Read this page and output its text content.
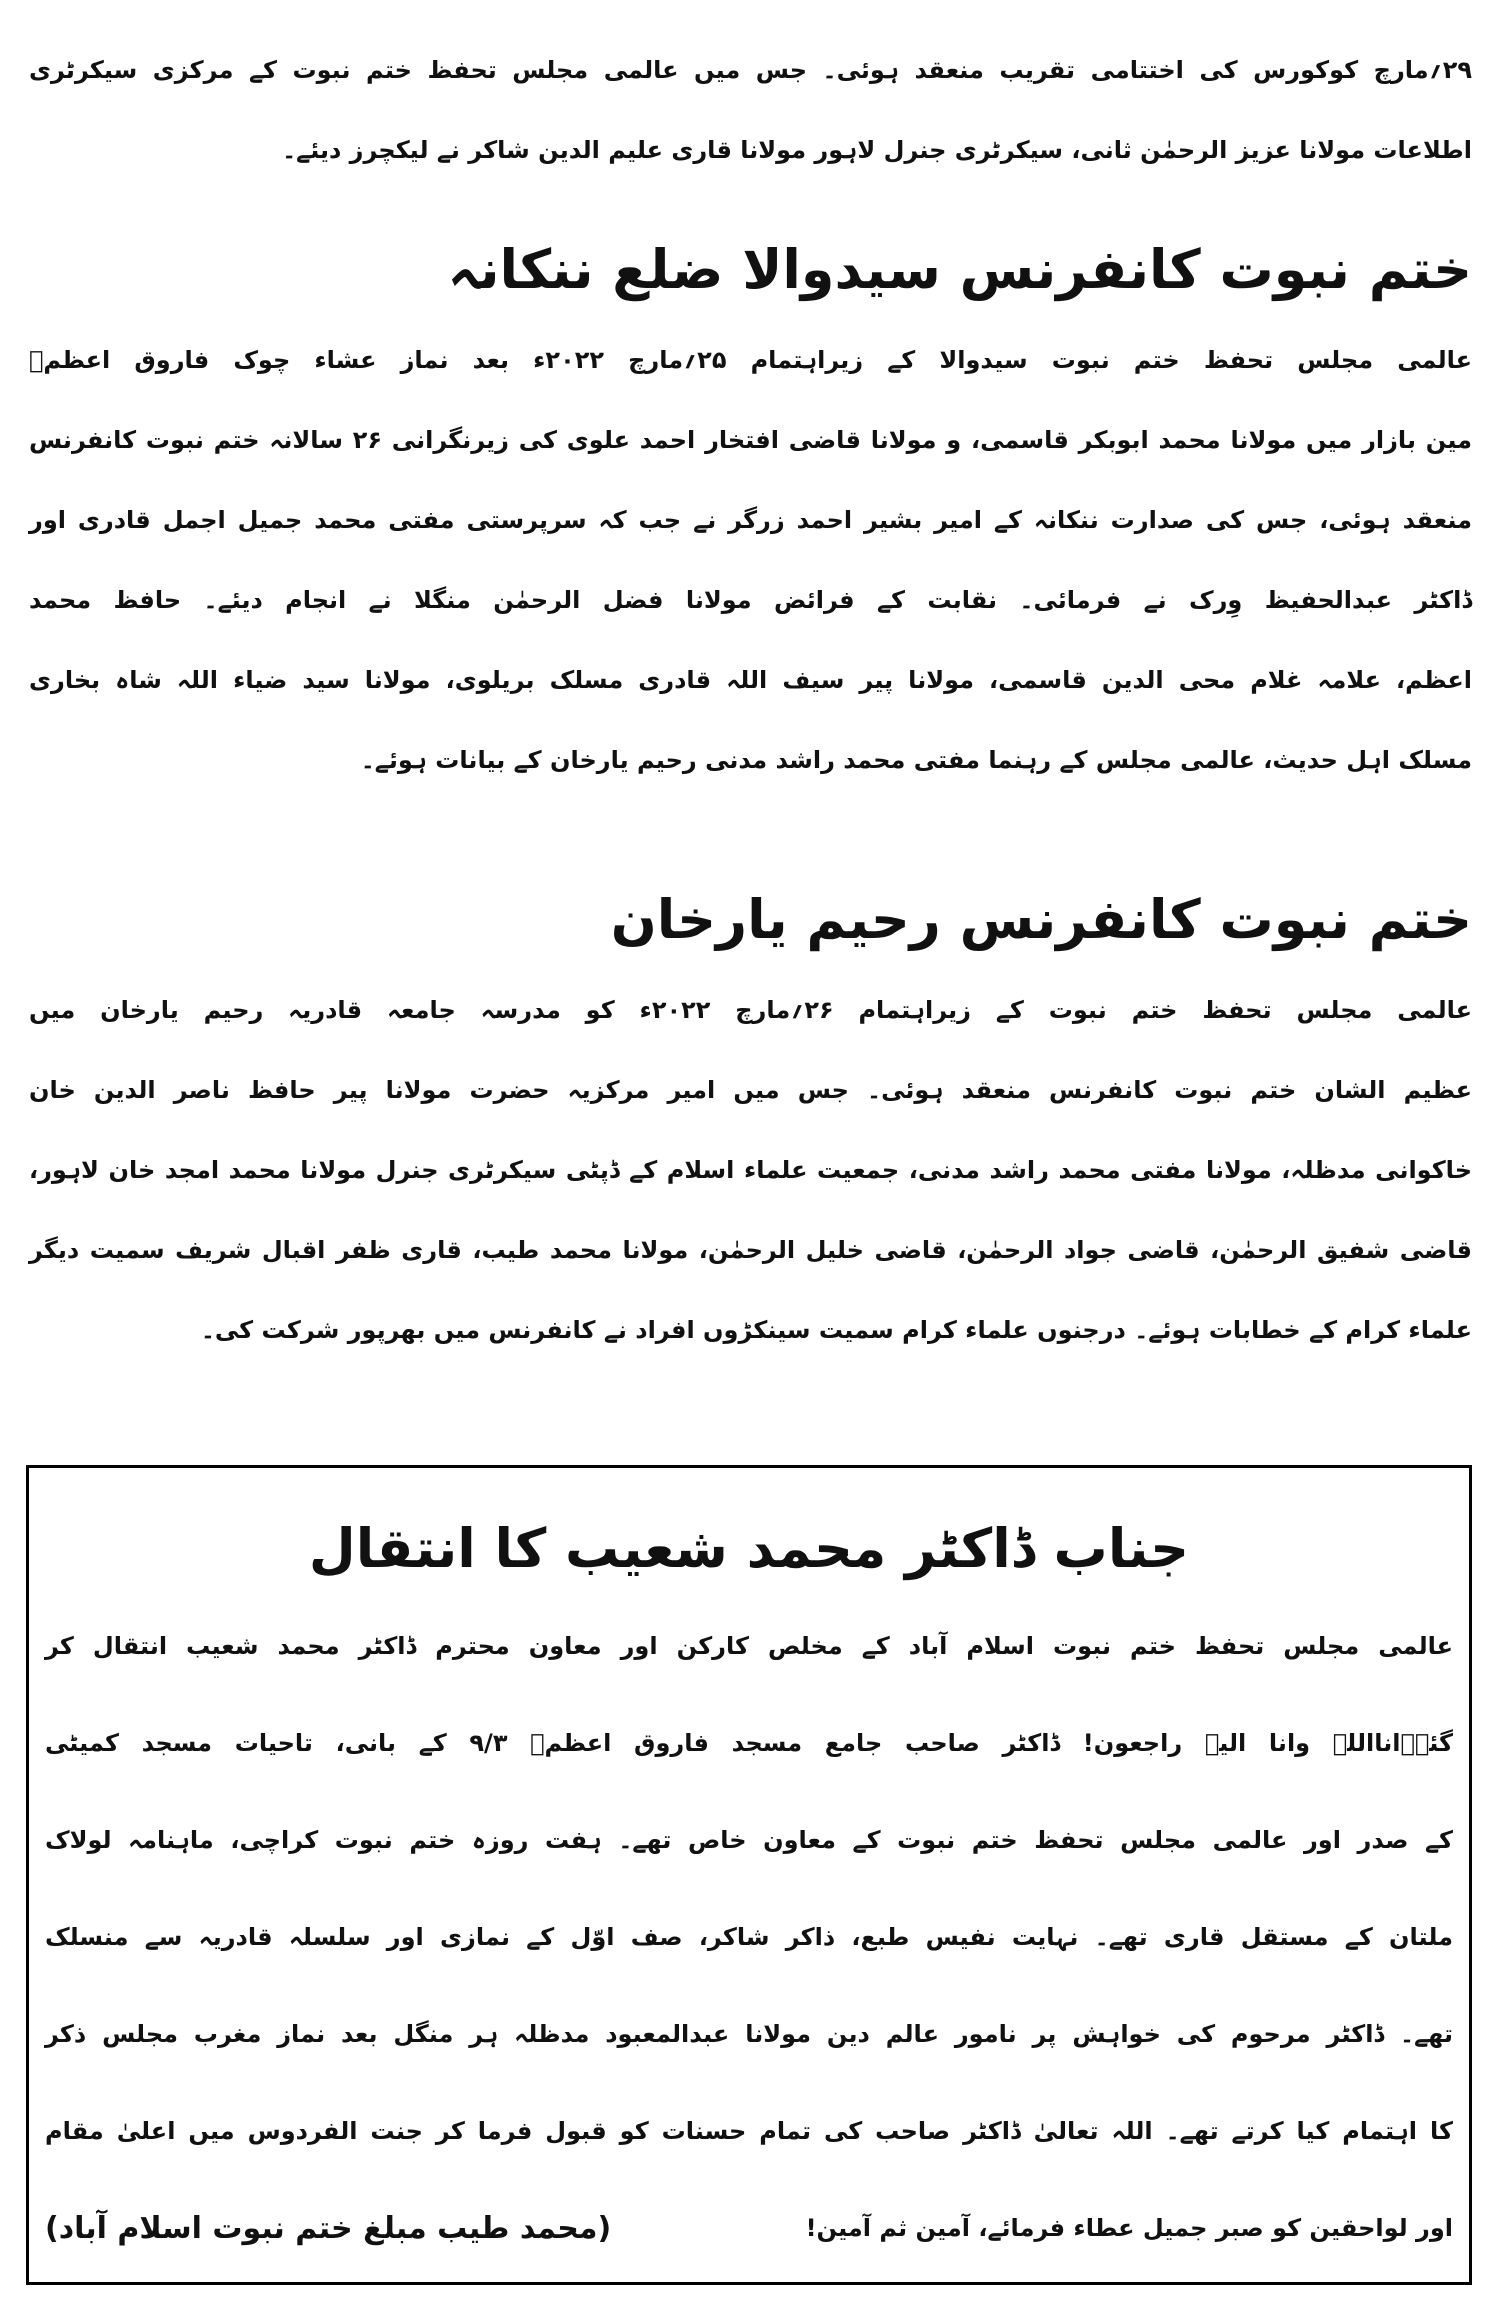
۲۹؍مارچ کوکورس کی اختتامی تقریب منعقد ہوئی۔ جس میں عالمی مجلس تحفظ ختم نبوت کے مرکزی سیکرٹری
اطلاعات مولانا عزیز الرحمٰن ثانی، سیکرٹری جنرل لاہور مولانا قاری علیم الدین شاکر نے لیکچرز دیئے۔
ختم نبوت کانفرنس سیدوالا ضلع ننکانہ
عالمی مجلس تحفظ ختم نبوت سیدوالا کے زیراہتمام ۲۵؍مارچ ۲۰۲۲ء بعد نماز عشاء چوک فاروق اعظمؓ
مین بازار میں مولانا محمد ابوبکر قاسمی، و مولانا قاضی افتخار احمد علوی کی زیرنگرانی ۲۶ سالانہ ختم نبوت کانفرنس
منعقد ہوئی، جس کی صدارت ننکانہ کے امیر بشیر احمد زرگر نے جب کہ سرپرستی مفتی محمد جمیل اجمل قادری اور
ڈاکٹر عبدالحفیظ وِرک نے فرمائی۔ نقابت کے فرائض مولانا فضل الرحمٰن منگلا نے انجام دیئے۔ حافظ محمد
اعظم، علامہ غلام محی الدین قاسمی، مولانا پیر سیف اللہ قادری مسلک بریلوی، مولانا سید ضیاء اللہ شاہ بخاری
مسلک اہل حدیث، عالمی مجلس کے رہنما مفتی محمد راشد مدنی رحیم یارخان کے بیانات ہوئے۔
ختم نبوت کانفرنس رحیم یارخان
عالمی مجلس تحفظ ختم نبوت کے زیراہتمام ۲۶؍مارچ ۲۰۲۲ء کو مدرسہ جامعہ قادریہ رحیم یارخان میں
عظیم الشان ختم نبوت کانفرنس منعقد ہوئی۔ جس میں امیر مرکزیہ حضرت مولانا پیر حافظ ناصر الدین خان
خاکوانی مدظلہ، مولانا مفتی محمد راشد مدنی، جمعیت علماء اسلام کے ڈپٹی سیکرٹری جنرل مولانا محمد امجد خان لاہور،
قاضی شفیق الرحمٰن، قاضی جواد الرحمٰن، قاضی خلیل الرحمٰن، مولانا محمد طیب، قاری ظفر اقبال شریف سمیت دیگر
علماء کرام کے خطابات ہوئے۔ درجنوں علماء کرام سمیت سینکڑوں افراد نے کانفرنس میں بھرپور شرکت کی۔
جناب ڈاکٹر محمد شعیب کا انتقال
عالمی مجلس تحفظ ختم نبوت اسلام آباد کے مخلص کارکن اور معاون محترم ڈاکٹر محمد شعیب انتقال کر
گئے۔انااللہ وانا الیہ راجعون! ڈاکٹر صاحب جامع مسجد فاروق اعظمؓ ۹/۳ کے بانی، تاحیات مسجد کمیٹی
کے صدر اور عالمی مجلس تحفظ ختم نبوت کے معاون خاص تھے۔ ہفت روزہ ختم نبوت کراچی، ماہنامہ لولاک
ملتان کے مستقل قاری تھے۔ نہایت نفیس طبع، ذاکر شاکر، صف اوّل کے نمازی اور سلسلہ قادریہ سے منسلک
تھے۔ ڈاکٹر مرحوم کی خواہش پر نامور عالم دین مولانا عبدالمعبود مدظلہ ہر منگل بعد نماز مغرب مجلس ذکر
کا اہتمام کیا کرتے تھے۔ اللہ تعالیٰ ڈاکٹر صاحب کی تمام حسنات کو قبول فرما کر جنت الفردوس میں اعلیٰ مقام
اور لواحقین کو صبر جمیل عطاء فرمائے، آمین ثم آمین!
(محمد طیب مبلغ ختم نبوت اسلام آباد)
